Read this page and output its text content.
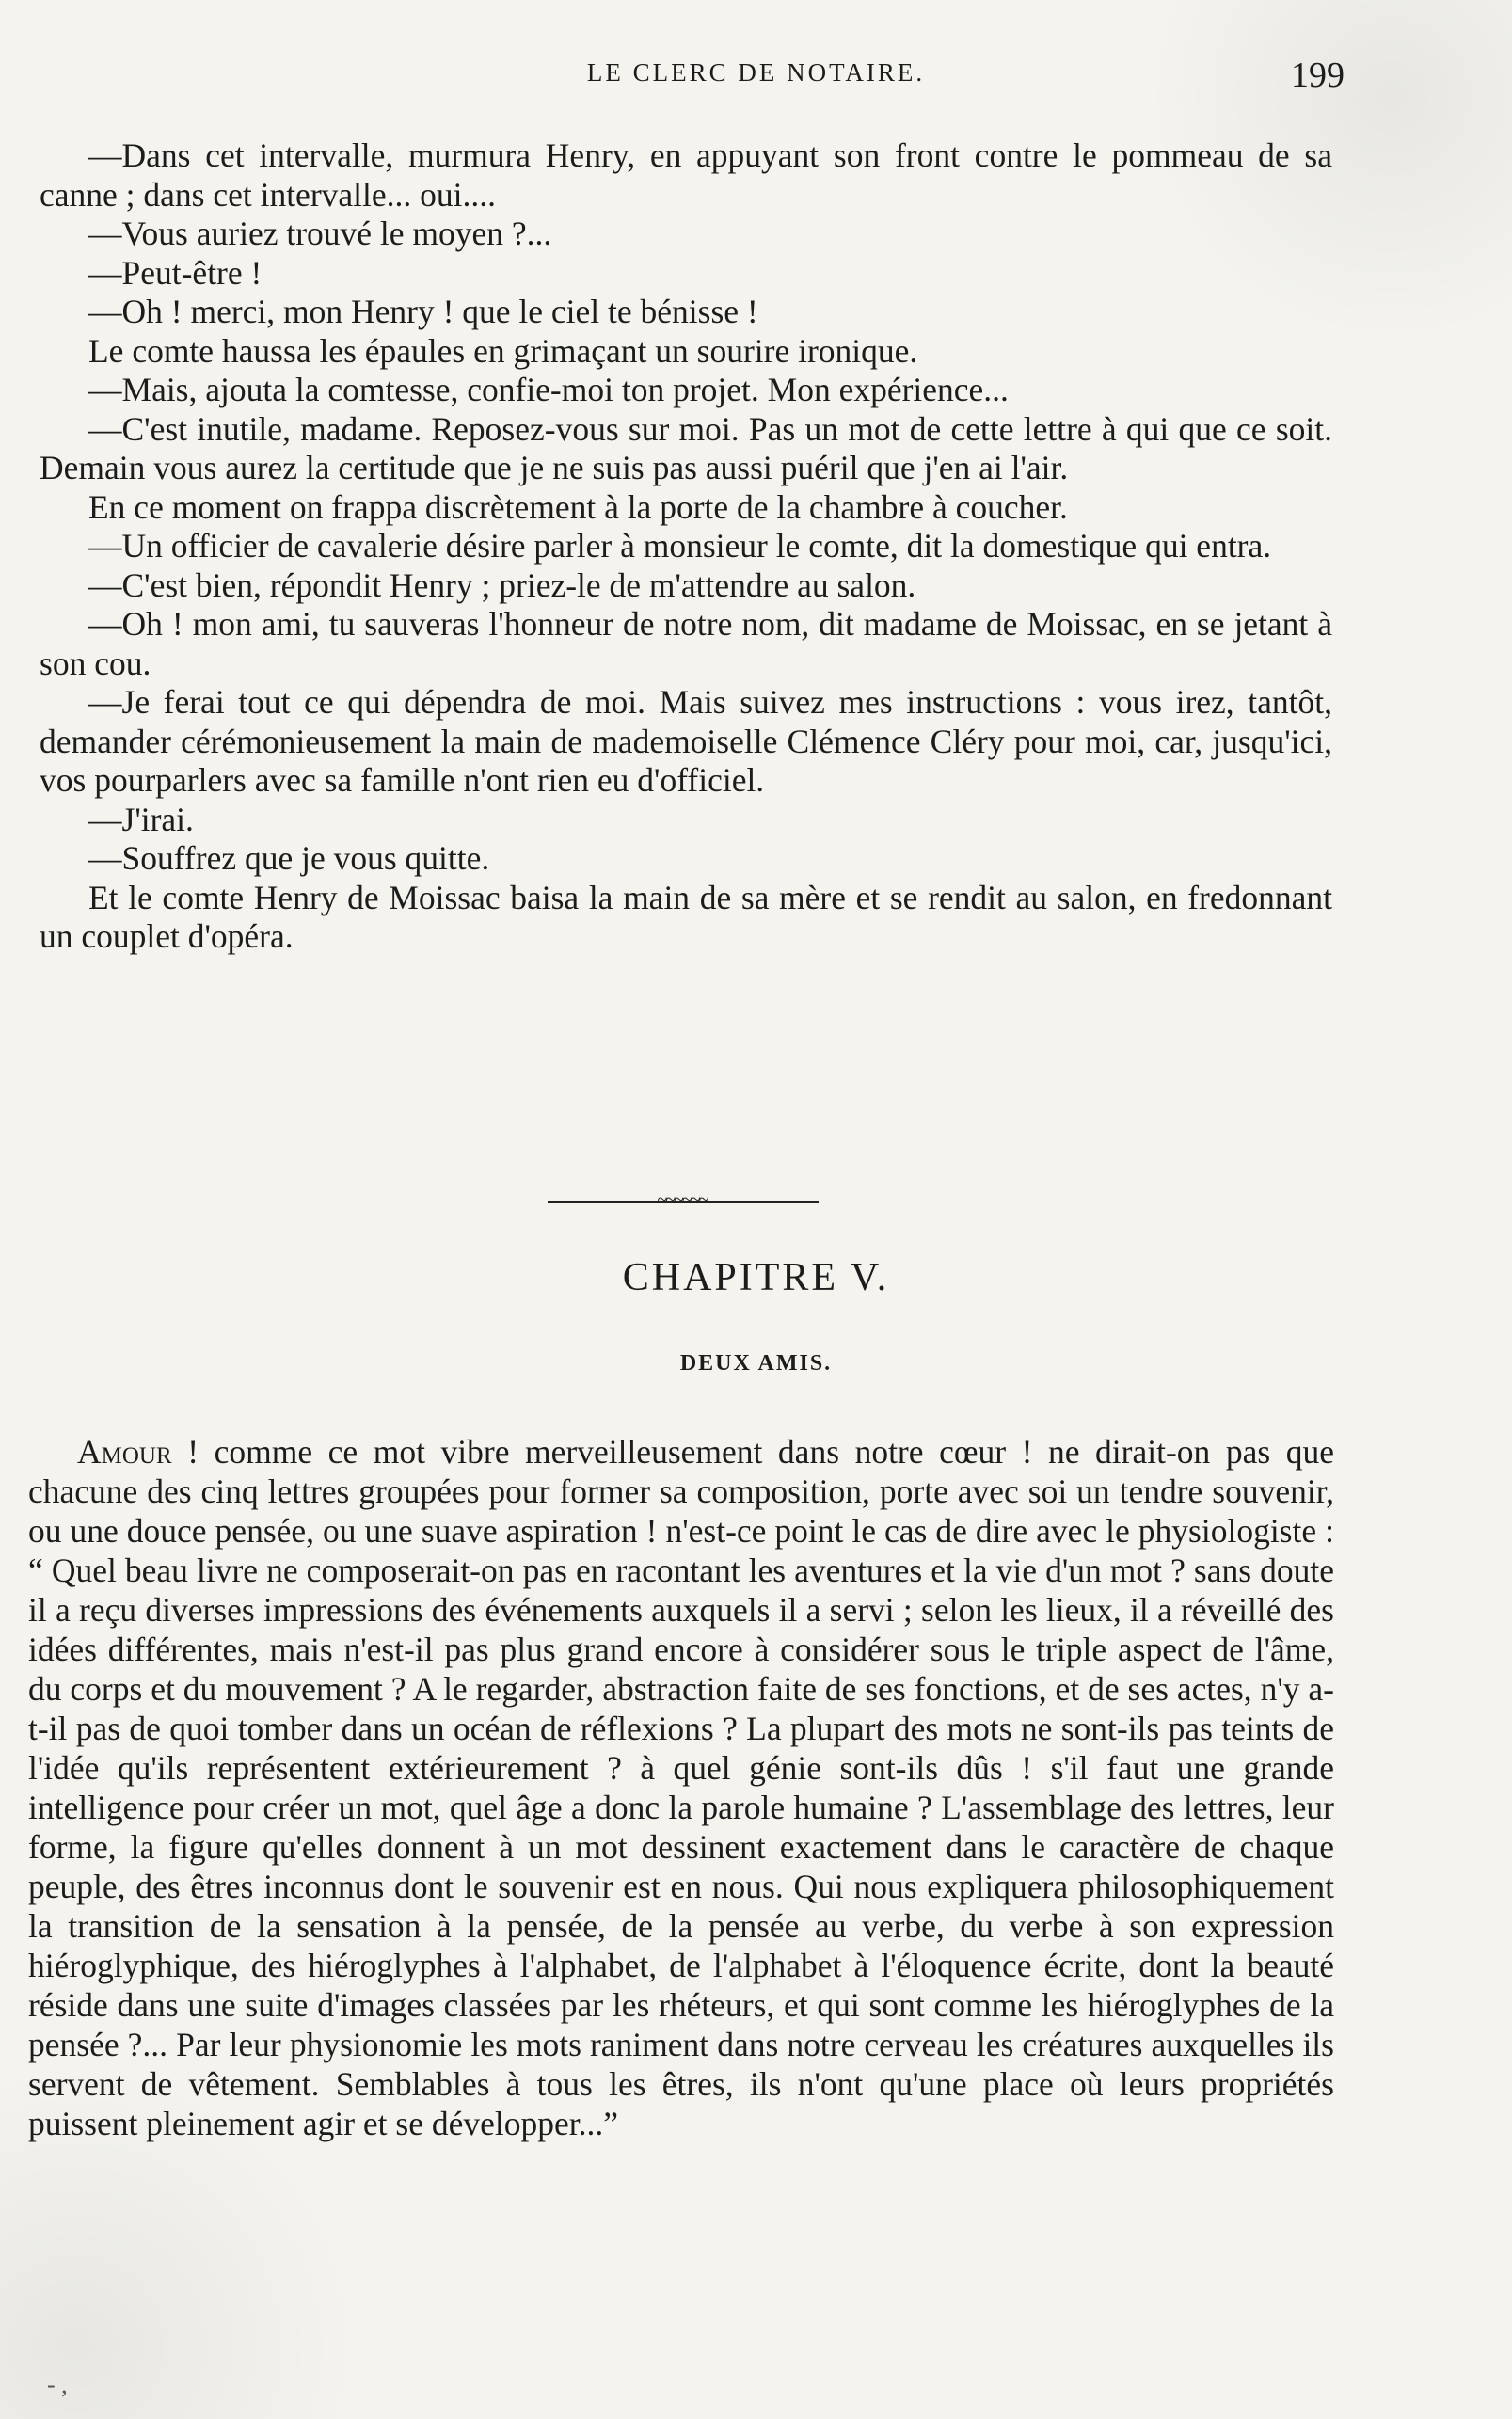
LE CLERC DE NOTAIRE.	199

—Dans cet intervalle, murmura Henry, en appuyant son front contre le pommeau de sa canne ; dans cet intervalle... oui....

—Vous auriez trouvé le moyen ?...

—Peut-être !

—Oh ! merci, mon Henry ! que le ciel te bénisse !

Le comte haussa les épaules en grimaçant un sourire ironique.

—Mais, ajouta la comtesse, confie-moi ton projet. Mon expérience...

—C'est inutile, madame. Reposez-vous sur moi. Pas un mot de cette lettre à qui que ce soit. Demain vous aurez la certitude que je ne suis pas aussi puéril que j'en ai l'air.

En ce moment on frappa discrètement à la porte de la chambre à coucher.

—Un officier de cavalerie désire parler à monsieur le comte, dit la domestique qui entra.

—C'est bien, répondit Henry ; priez-le de m'attendre au salon.

—Oh ! mon ami, tu sauveras l'honneur de notre nom, dit madame de Moissac, en se jetant à son cou.

—Je ferai tout ce qui dépendra de moi. Mais suivez mes instructions : vous irez, tantôt, demander cérémonieusement la main de mademoiselle Clémence Cléry pour moi, car, jusqu'ici, vos pourparlers avec sa famille n'ont rien eu d'officiel.

—J'irai.

—Souffrez que je vous quitte.

Et le comte Henry de Moissac baisa la main de sa mère et se rendit au salon, en fredonnant un couplet d'opéra.

~~~~~~
CHAPITRE V.
DEUX AMIS.

Amour ! comme ce mot vibre merveilleusement dans notre cœur ! ne dirait-on pas que chacune des cinq lettres groupées pour former sa composition, porte avec soi un tendre souvenir, ou une douce pensée, ou une suave aspiration ! n'est-ce point le cas de dire avec le physiologiste : “ Quel beau livre ne composerait-on pas en racontant les aventures et la vie d'un mot ? sans doute il a reçu diverses impressions des événements auxquels il a servi ; selon les lieux, il a réveillé des idées différentes, mais n'est-il pas plus grand encore à considérer sous le triple aspect de l'âme, du corps et du mouvement ? A le regarder, abstraction faite de ses fonctions, et de ses actes, n'y a-t-il pas de quoi tomber dans un océan de réflexions ? La plupart des mots ne sont-ils pas teints de l'idée qu'ils représentent extérieurement ? à quel génie sont-ils dûs ! s'il faut une grande intelligence pour créer un mot, quel âge a donc la parole humaine ? L'assemblage des lettres, leur forme, la figure qu'elles donnent à un mot dessinent exactement dans le caractère de chaque peuple, des êtres inconnus dont le souvenir est en nous. Qui nous expliquera philosophiquement la transition de la sensation à la pensée, de la pensée au verbe, du verbe à son expression hiéroglyphique, des hiéroglyphes à l'alphabet, de l'alphabet à l'éloquence écrite, dont la beauté réside dans une suite d'images classées par les rhéteurs, et qui sont comme les hiéroglyphes de la pensée ?... Par leur physionomie les mots raniment dans notre cerveau les créatures auxquelles ils servent de vêtement. Semblables à tous les êtres, ils n'ont qu'une place où leurs propriétés puissent pleinement agir et se développer...”

- ,
